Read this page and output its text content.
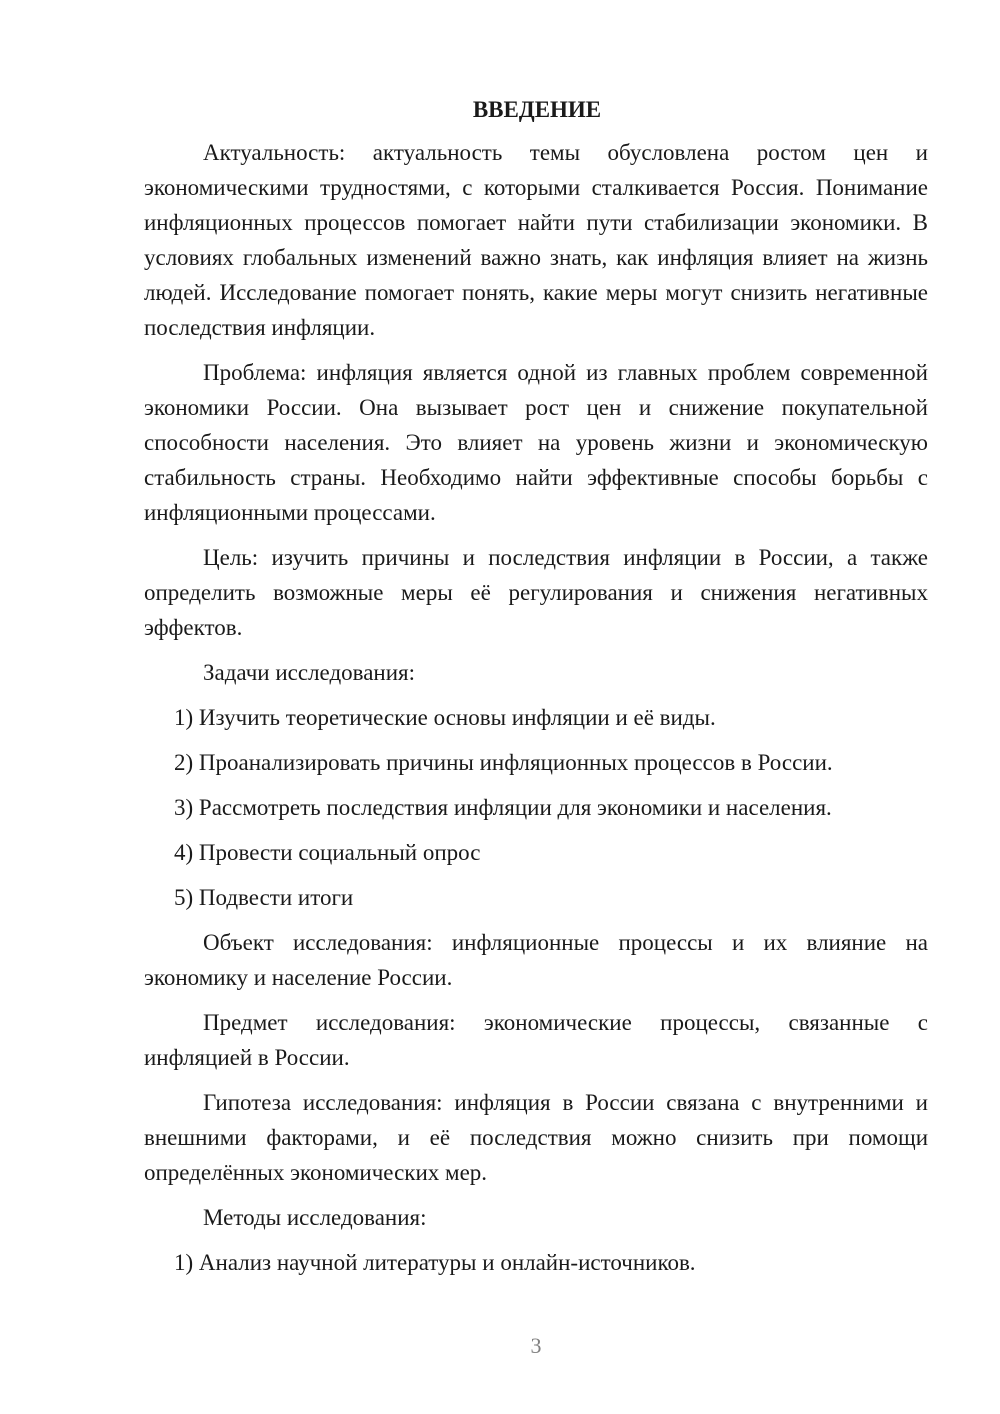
ВВЕДЕНИЕ

Актуальность: актуальность темы обусловлена ростом цен и экономическими трудностями, с которыми сталкивается Россия. Понимание инфляционных процессов помогает найти пути стабилизации экономики. В условиях глобальных изменений важно знать, как инфляция влияет на жизнь людей. Исследование помогает понять, какие меры могут снизить негативные последствия инфляции.

Проблема: инфляция является одной из главных проблем современной экономики России. Она вызывает рост цен и снижение покупательной способности населения. Это влияет на уровень жизни и экономическую стабильность страны. Необходимо найти эффективные способы борьбы с инфляционными процессами.

Цель: изучить причины и последствия инфляции в России, а также определить возможные меры её регулирования и снижения негативных эффектов.

Задачи исследования:

1) Изучить теоретические основы инфляции и её виды.

2) Проанализировать причины инфляционных процессов в России.

3) Рассмотреть последствия инфляции для экономики и населения.

4) Провести социальный опрос

5) Подвести итоги

Объект исследования: инфляционные процессы и их влияние на экономику и население России.

Предмет исследования: экономические процессы, связанные с инфляцией в России.

Гипотеза исследования: инфляция в России связана с внутренними и внешними факторами, и её последствия можно снизить при помощи определённых экономических мер.

Методы исследования:

1) Анализ научной литературы и онлайн-источников.

3
